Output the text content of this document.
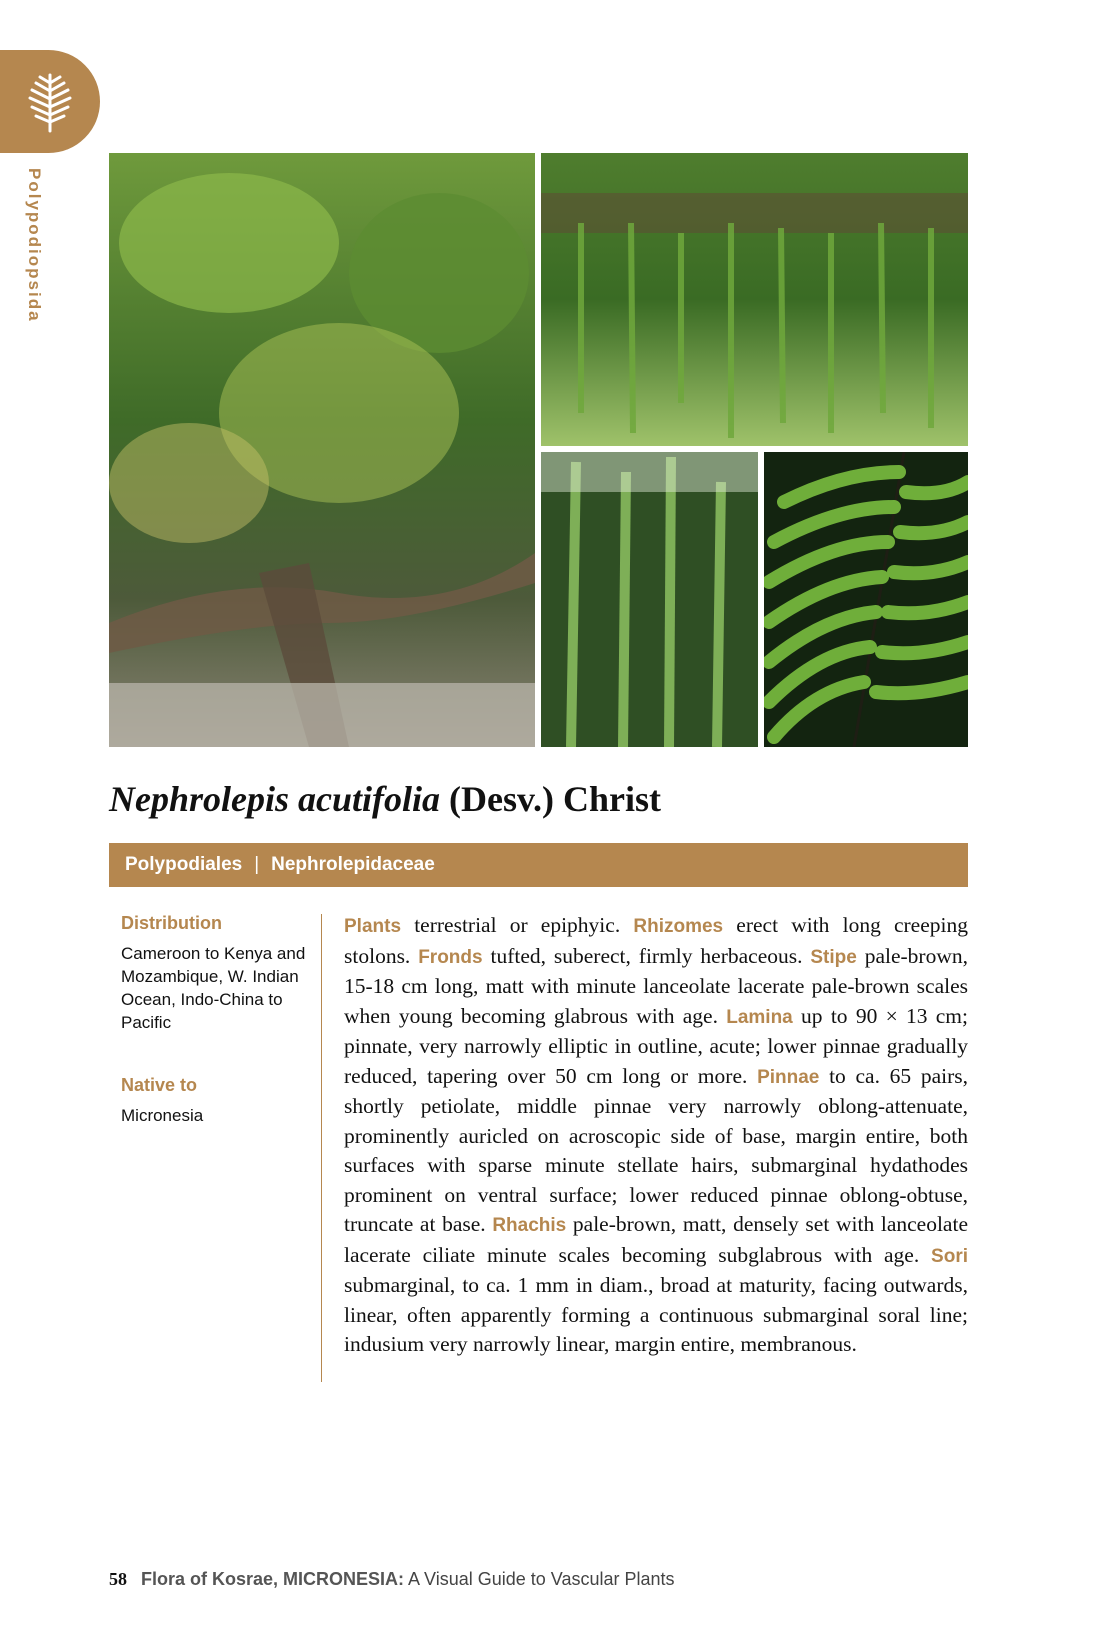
Polypodiopsida
Nephrolepis acutifolia (Desv.) Christ
Polypodiales | Nephrolepidaceae
Distribution
Cameroon to Kenya and Mozambique, W. Indian Ocean, Indo-China to Pacific
Native to
Micronesia
Plants terrestrial or epiphyic. Rhizomes erect with long creeping stolons. Fronds tufted, suberect, firmly herbaceous. Stipe pale-brown, 15-18 cm long, matt with minute lanceolate lacerate pale-brown scales when young becoming glabrous with age. Lamina up to 90 × 13 cm; pinnate, very narrowly elliptic in outline, acute; lower pinnae gradually reduced, tapering over 50 cm long or more. Pinnae to ca. 65 pairs, shortly petiolate, middle pinnae very narrowly oblong-attenuate, prominently auricled on acroscopic side of base, margin entire, both surfaces with sparse minute stellate hairs, submarginal hydathodes prominent on ventral surface; lower reduced pinnae oblong-obtuse, truncate at base. Rhachis pale-brown, matt, densely set with lanceolate lacerate ciliate minute scales becoming subglabrous with age. Sori submarginal, to ca. 1 mm in diam., broad at maturity, facing outwards, linear, often apparently forming a continuous submarginal soral line; indusium very narrowly linear, margin entire, membranous.
58 Flora of Kosrae, MICRONESIA: A Visual Guide to Vascular Plants
